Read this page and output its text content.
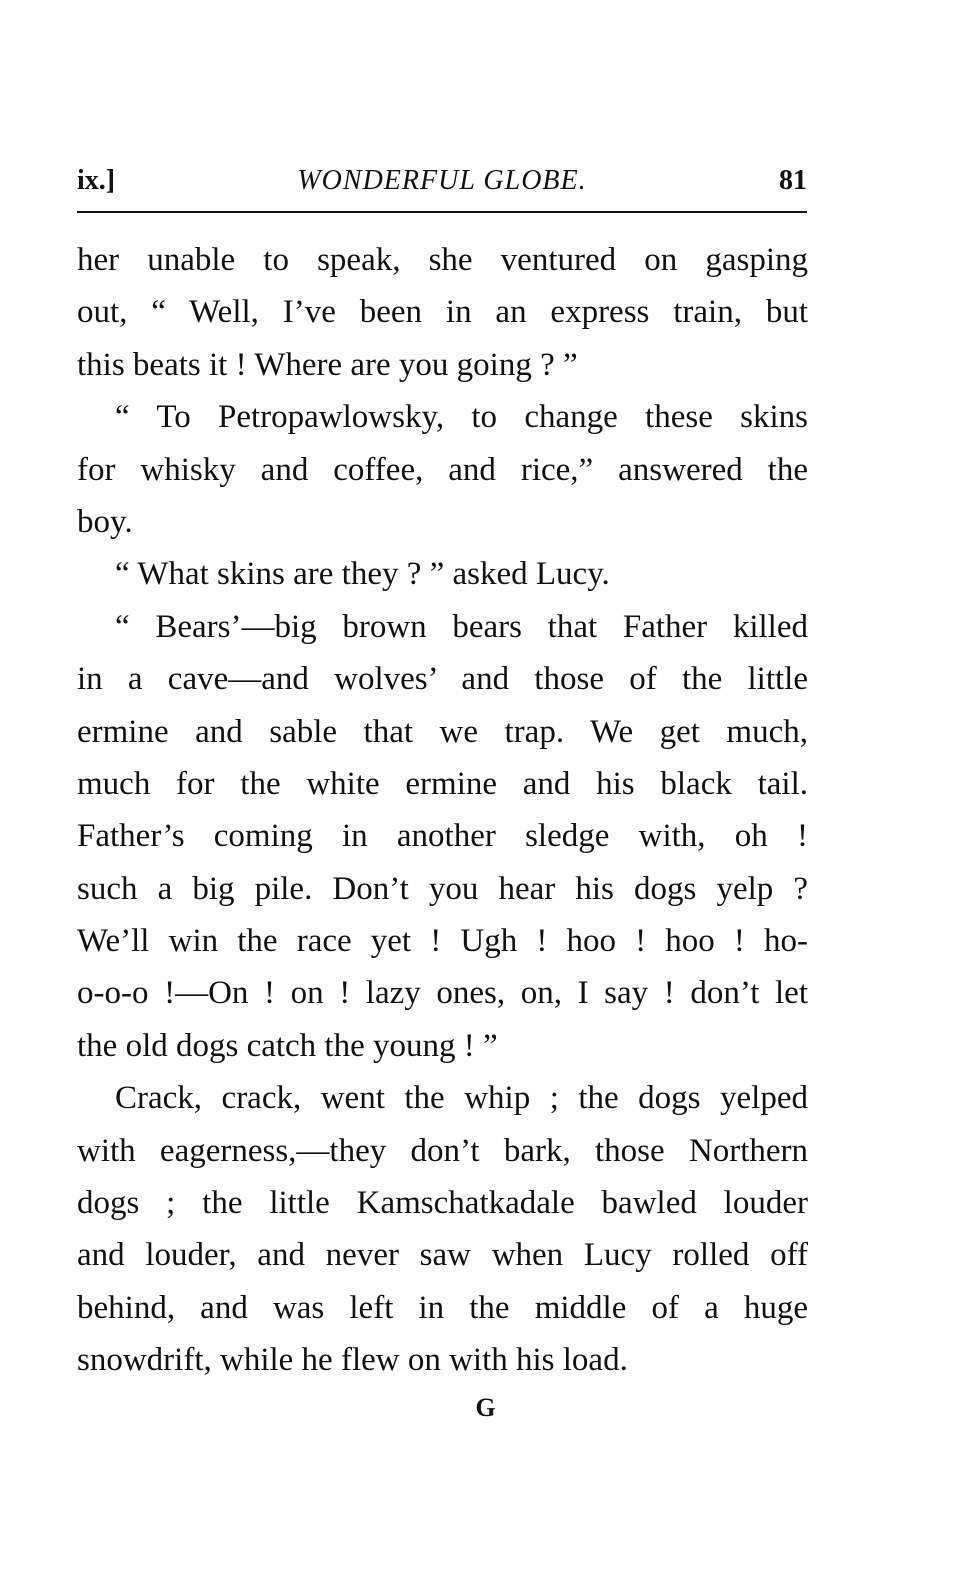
ix.]	WONDERFUL GLOBE.	81
her unable to speak, she ventured on gasping
out, “ Well, I’ve been in an express train, but
this beats it ! Where are you going ? ”
“ To Petropawlowsky, to change these skins
for whisky and coffee, and rice,” answered the
boy.
“ What skins are they ? ” asked Lucy.
“ Bears’—big brown bears that Father killed
in a cave—and wolves’ and those of the little
ermine and sable that we trap. We get much,
much for the white ermine and his black tail.
Father’s coming in another sledge with, oh !
such a big pile. Don’t you hear his dogs yelp ?
We’ll win the race yet ! Ugh ! hoo ! hoo ! ho-
o-o-o !—On ! on ! lazy ones, on, I say ! don’t let
the old dogs catch the young ! ”
Crack, crack, went the whip ; the dogs yelped
with eagerness,—they don’t bark, those Northern
dogs ; the little Kamschatkadale bawled louder
and louder, and never saw when Lucy rolled off
behind, and was left in the middle of a huge
snowdrift, while he flew on with his load.
G
